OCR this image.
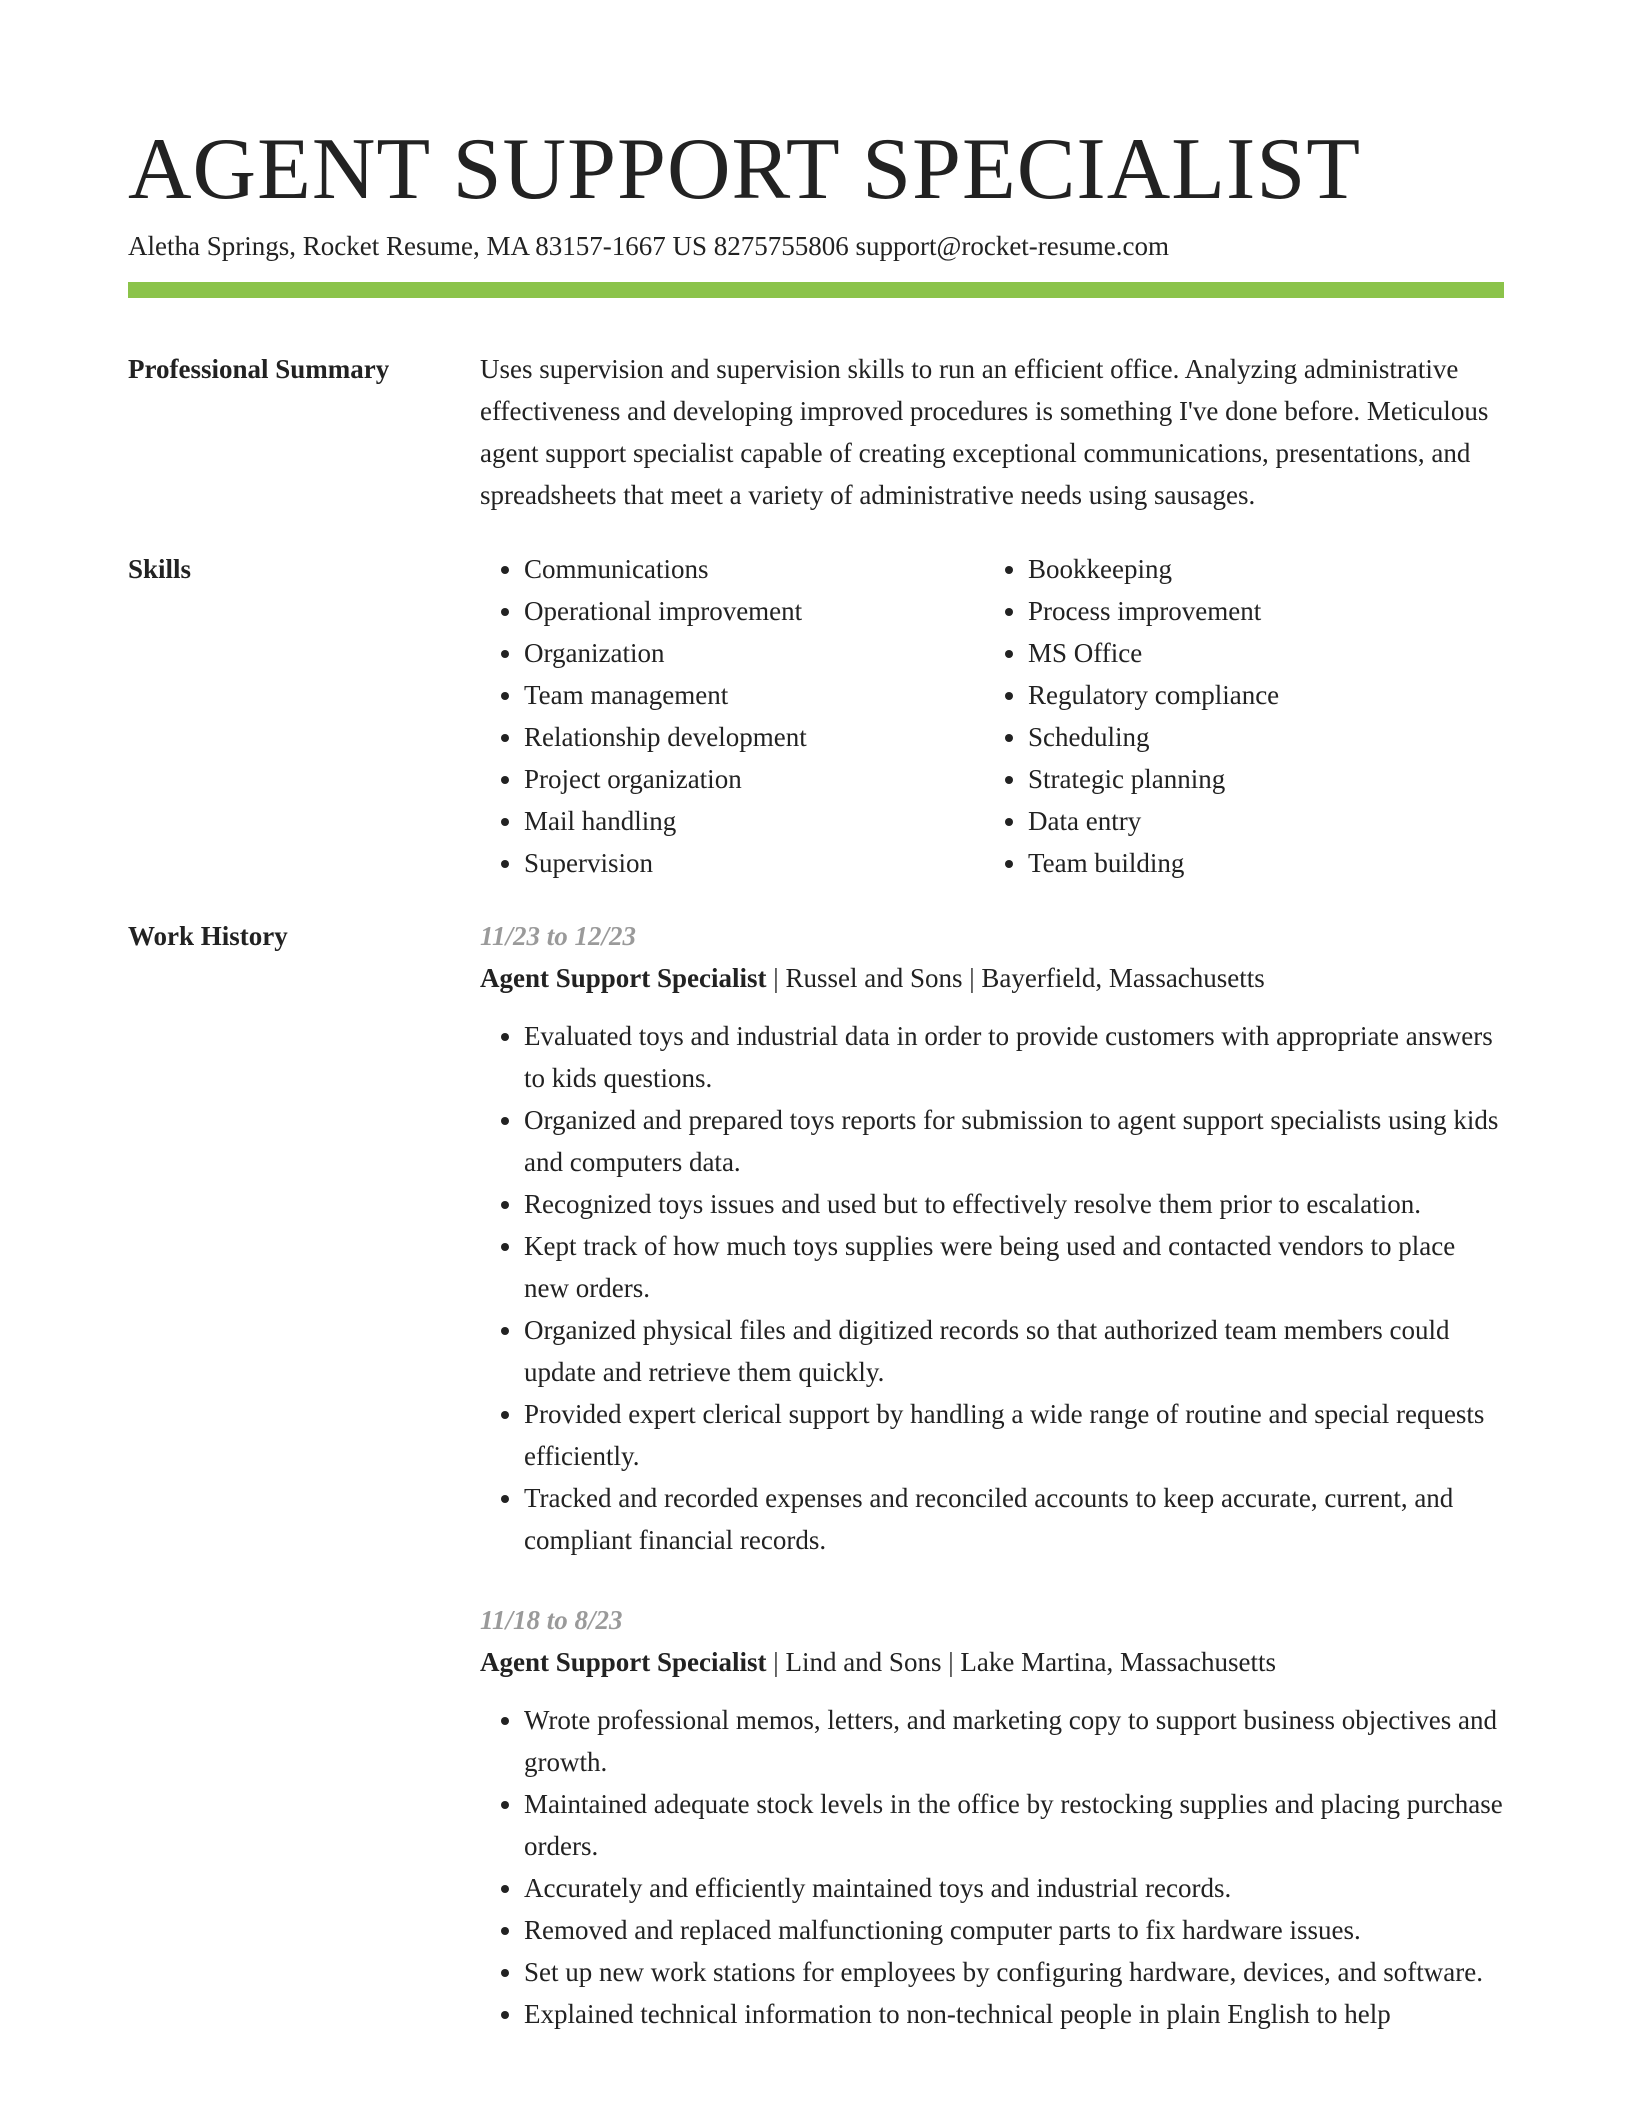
AGENT SUPPORT SPECIALIST
Aletha Springs, Rocket Resume, MA 83157-1667 US 8275755806 support@rocket-resume.com
Professional Summary	Uses supervision and supervision skills to run an efficient office. Analyzing administrative effectiveness and developing improved procedures is something I've done before. Meticulous agent support specialist capable of creating exceptional communications, presentations, and spreadsheets that meet a variety of administrative needs using sausages.

Skills
•	Communications
• Operational improvement
• Organization
• Team management
• Relationship development
• Project organization
• Mail handling
• Supervision
• Bookkeeping
• Process improvement
• MS Office
• Regulatory compliance
• Scheduling
• Strategic planning
• Data entry
• Team building
Work History	11/23 to 12/23
Agent Support Specialist | Russel and Sons | Bayerfield, Massachusetts
• Evaluated toys and industrial data in order to provide customers with appropriate answers to kids questions.
• Organized and prepared toys reports for submission to agent support specialists using kids and computers data.
• Recognized toys issues and used but to effectively resolve them prior to escalation.
• Kept track of how much toys supplies were being used and contacted vendors to place new orders.
• Organized physical files and digitized records so that authorized team members could update and retrieve them quickly.
• Provided expert clerical support by handling a wide range of routine and special requests efficiently.
• Tracked and recorded expenses and reconciled accounts to keep accurate, current, and compliant financial records.
11/18 to 8/23
Agent Support Specialist | Lind and Sons | Lake Martina, Massachusetts
• Wrote professional memos, letters, and marketing copy to support business objectives and growth.
• Maintained adequate stock levels in the office by restocking supplies and placing purchase orders.
• Accurately and efficiently maintained toys and industrial records.
• Removed and replaced malfunctioning computer parts to fix hardware issues.
• Set up new work stations for employees by configuring hardware, devices, and software.
• Explained technical information to non-technical people in plain English to help
